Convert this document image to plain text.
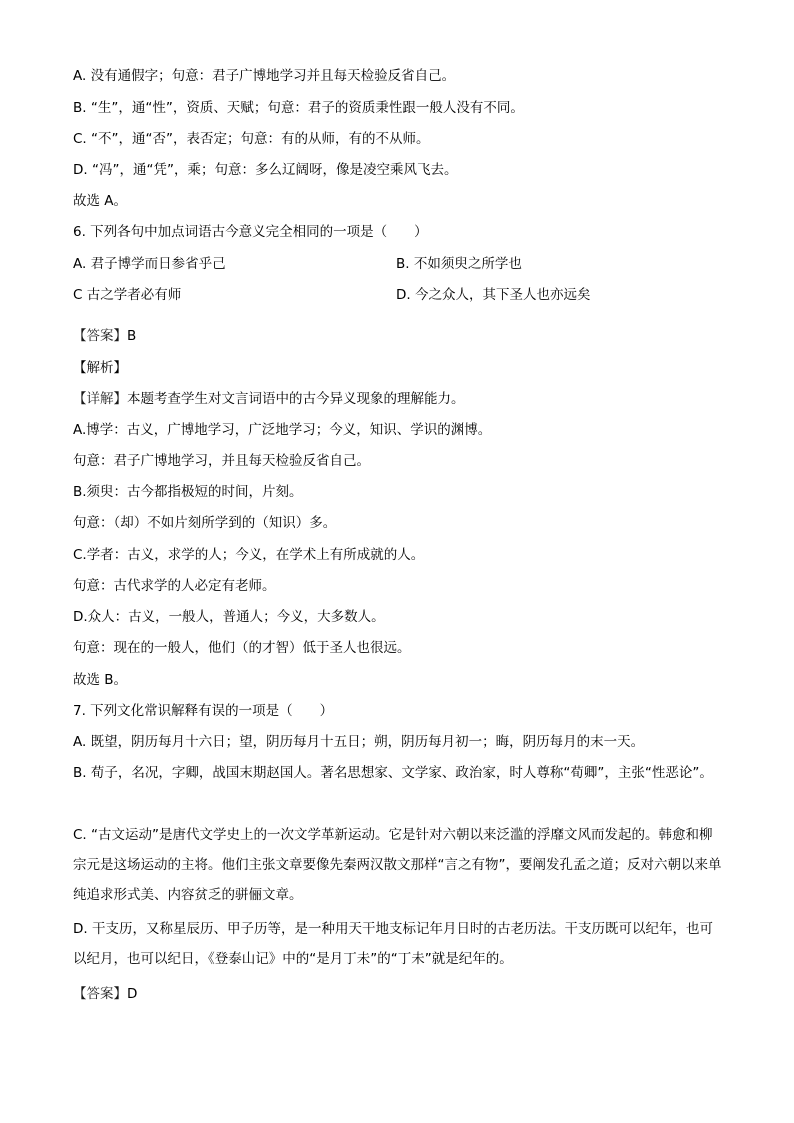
A. 没有通假字；句意：君子广博地学习并且每天检验反省自己。
B. “生”，通“性”，资质、天赋；句意：君子的资质秉性跟一般人没有不同。
C. “不”，通“否”，表否定；句意：有的从师，有的不从师。
D. “冯”，通“凭”，乘；句意：多么辽阔呀，像是凌空乘风飞去。
故选 A。
6. 下列各句中加点词语古今意义完全相同的一项是（　　）
A. 君子博学而日参省乎己	B. 不如须臾之所学也
C 古之学者必有师	D. 今之众人，其下圣人也亦远矣
【答案】B
【解析】
【详解】本题考查学生对文言词语中的古今异义现象的理解能力。
A.博学：古义，广博地学习，广泛地学习；今义，知识、学识的渊博。
句意：君子广博地学习，并且每天检验反省自己。
B.须臾：古今都指极短的时间，片刻。
句意：（却）不如片刻所学到的（知识）多。
C.学者：古义，求学的人；今义，在学术上有所成就的人。
句意：古代求学的人必定有老师。
D.众人：古义，一般人，普通人；今义，大多数人。
句意：现在的一般人，他们（的才智）低于圣人也很远。
故选 B。
7. 下列文化常识解释有误的一项是（　　）
A. 既望，阴历每月十六日；望，阴历每月十五日；朔，阴历每月初一；晦，阴历每月的末一天。
B. 荀子，名况，字卿，战国末期赵国人。著名思想家、文学家、政治家，时人尊称“荀卿”，主张“性恶论”。
C. “古文运动”是唐代文学史上的一次文学革新运动。它是针对六朝以来泛滥的浮靡文风而发起的。韩愈和柳宗元是这场运动的主将。他们主张文章要像先秦两汉散文那样“言之有物”，要阐发孔孟之道；反对六朝以来单纯追求形式美、内容贫乏的骈俪文章。
D. 干支历，又称星辰历、甲子历等，是一种用天干地支标记年月日时的古老历法。干支历既可以纪年，也可以纪月，也可以纪日，《登泰山记》中的“是月丁未”的“丁未”就是纪年的。
【答案】D
